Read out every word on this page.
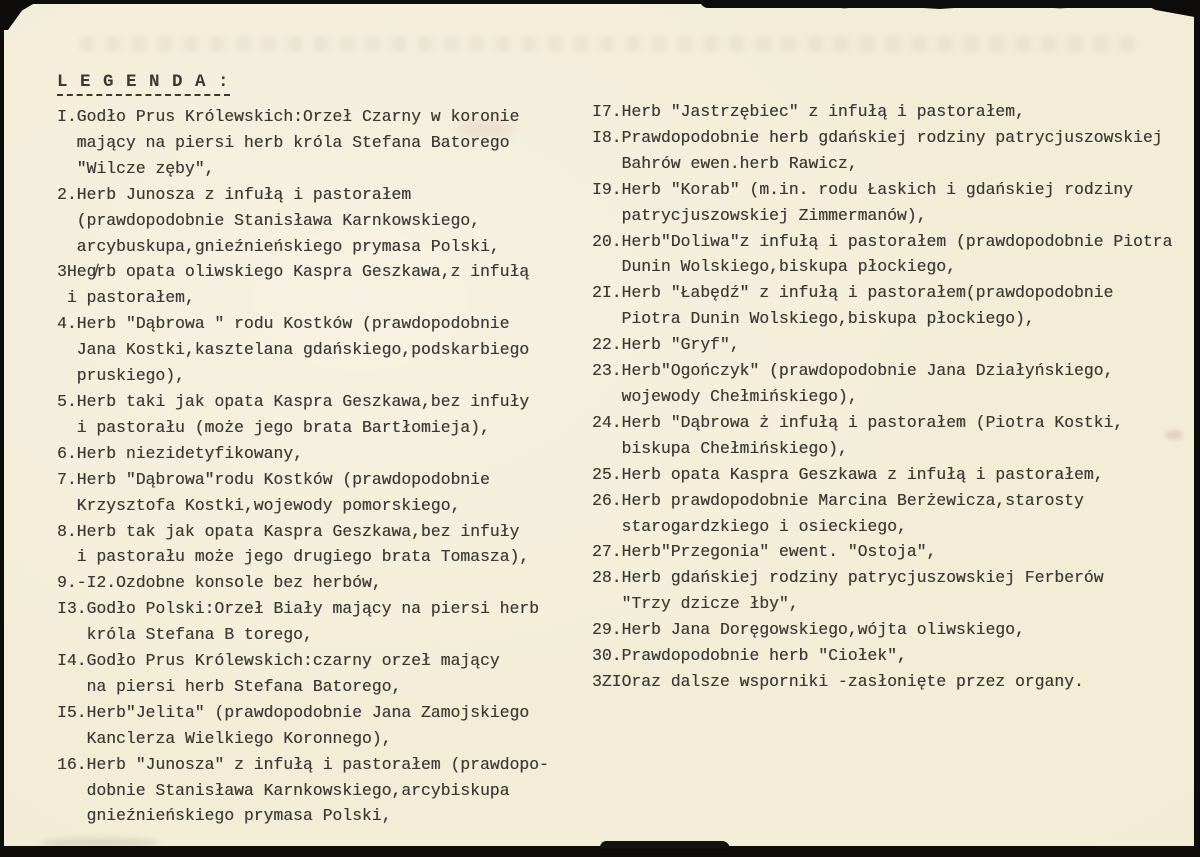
L E G E N D A :
I.Godło Prus Królewskich:Orzeł Czarny w koronie
mający na piersi herb króla Stefana Batorego
"Wilcze zęby",
2.Herb Junosza z infułą i pastorałem
(prawdopodobnie Stanisława Karnkowskiego,
arcybuskupa,gnieźnieńskiego prymasa Polski,
3Heg̸rb opata oliwskiego Kaspra Geszkawa,z infułą
i pastorałem,
4.Herb "Dąbrowa " rodu Kostków (prawdopodobnie
Jana Kostki,kasztelana gdańskiego,podskarbiego
pruskiego),
5.Herb taki jak opata Kaspra Geszkawa,bez infuły
i pastorału (może jego brata Bartłomieja),
6.Herb niezidetyfikowany,
7.Herb "Dąbrowa"rodu Kostków (prawdopodobnie
Krzysztofa Kostki,wojewody pomorskiego,
8.Herb tak jak opata Kaspra Geszkawa,bez infuły
i pastorału może jego drugiego brata Tomasza),
9.-I2.Ozdobne konsole bez herbów,
I3.Godło Polski:Orzeł Biały mający na piersi herb
króla Stefana B torego,
I4.Godło Prus Królewskich:czarny orzeł mający
na piersi herb Stefana Batorego,
I5.Herb"Jelita" (prawdopodobnie Jana Zamojskiego
Kanclerza Wielkiego Koronnego),
16.Herb "Junosza" z infułą i pastorałem (prawdopo-
dobnie Stanisława Karnkowskiego,arcybiskupa
gnieźnieńskiego prymasa Polski,
I7.Herb "Jastrzębiec" z infułą i pastorałem,
I8.Prawdopodobnie herb gdańskiej rodziny patrycjuszowskiej
Bahrów ewen.herb Rawicz,
I9.Herb "Korab" (m.in. rodu Łaskich i gdańskiej rodziny
patrycjuszowskiej Zimmermanów),
20.Herb"Doliwa"z infułą i pastorałem (prawdopodobnie Piotra
Dunin Wolskiego,biskupa płockiego,
2I.Herb "Łabędź" z infułą i pastorałem(prawdopodobnie
Piotra Dunin Wolskiego,biskupa płockiego),
22.Herb "Gryf",
23.Herb"Ogończyk" (prawdopodobnie Jana Działyńskiego,
wojewody Chełmińskiego),
24.Herb "Dąbrowa ż infułą i pastorałem (Piotra Kostki,
biskupa Chełmińskiego),
25.Herb opata Kaspra Geszkawa z infułą i pastorałem,
26.Herb prawdopodobnie Marcina Berżewicza,starosty
starogardzkiego i osieckiego,
27.Herb"Przegonia" ewent. "Ostoja",
28.Herb gdańskiej rodziny patrycjuszowskiej Ferberów
"Trzy dzicze łby",
29.Herb Jana Doręgowskiego,wójta oliwskiego,
30.Prawdopodobnie herb "Ciołek",
3ZIOraz dalsze wsporniki -zasłonięte przez organy.
